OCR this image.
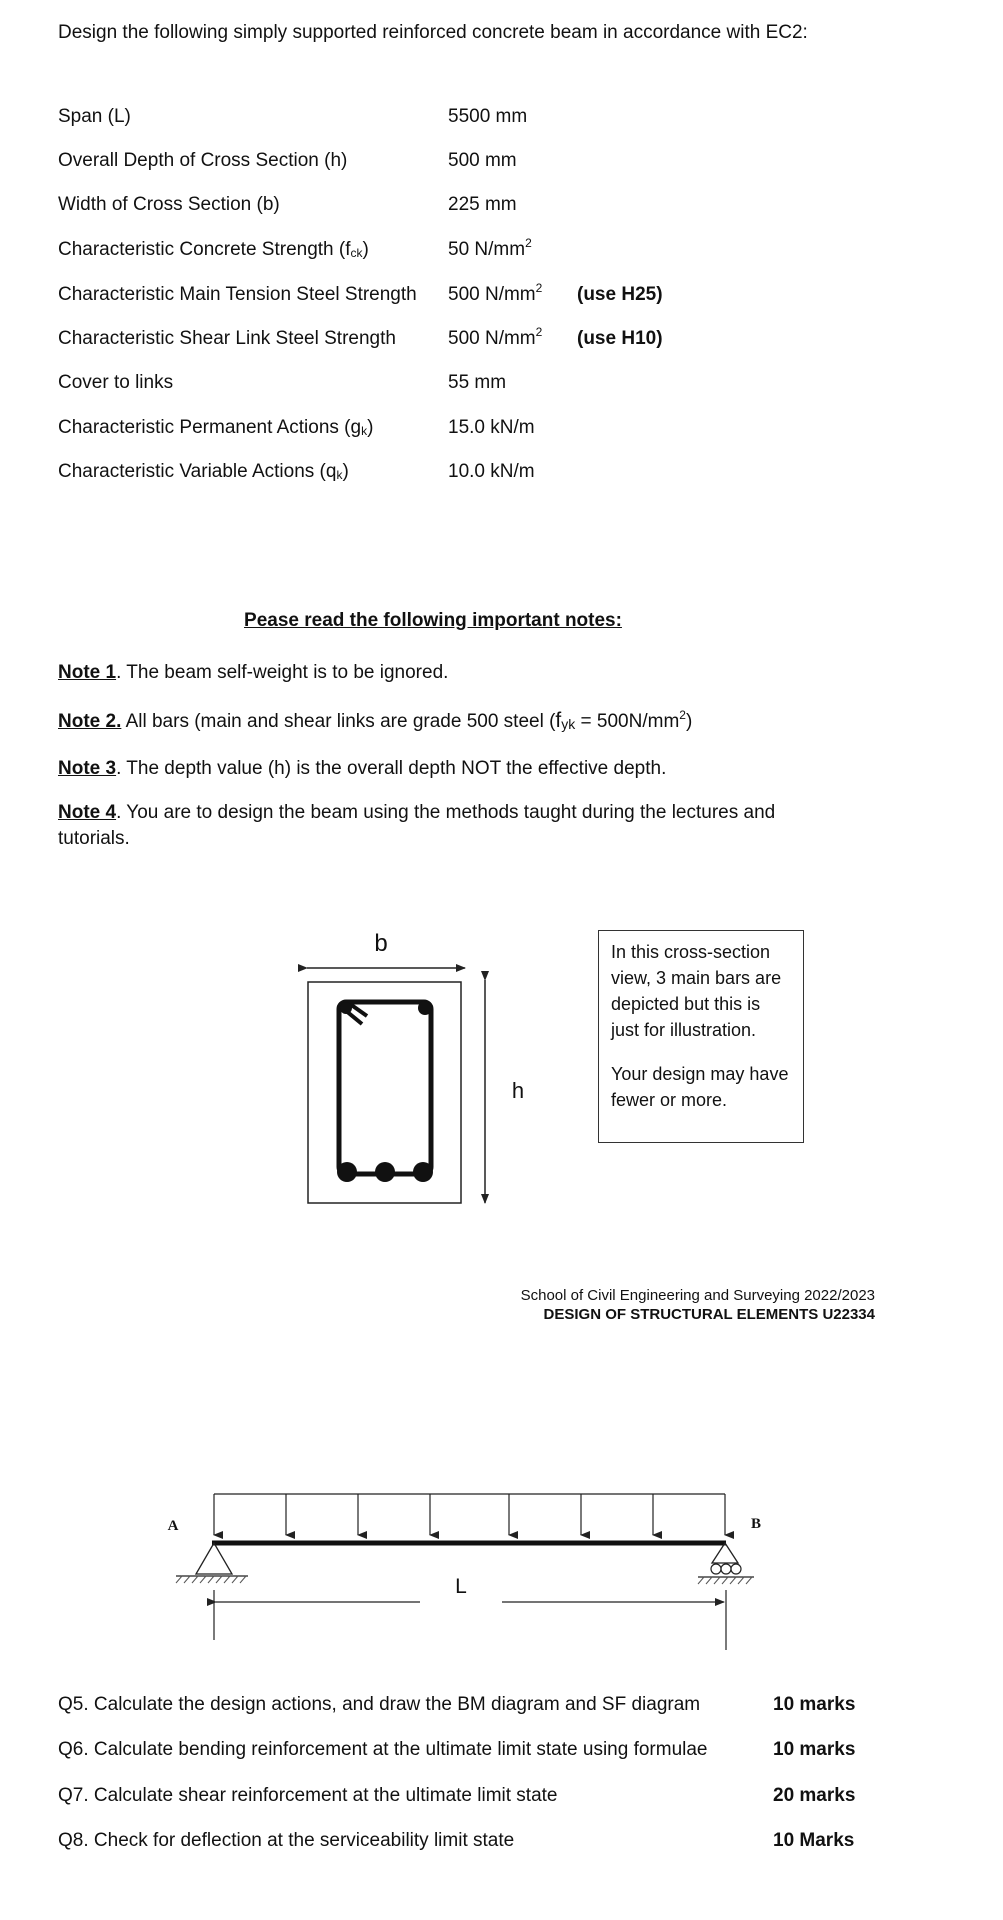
Design the following simply supported reinforced concrete beam in accordance with EC2:
Span (L)	5500 mm
Overall Depth of Cross Section (h)	500 mm
Width of Cross Section (b)	225 mm
Characteristic Concrete Strength $(f_{ck})$	50 $N/mm^2$
Characteristic Main Tension Steel Strength 500 $N/mm^2$ (use H25)
Characteristic Shear Link Steel Strength	500 $N/mm^2$ (use H10)
Cover to links	55 mm
Characteristic Permanent Actions $(g_k)$	15.0 kN/m
Characteristic Variable Actions $(q_k)$	10.0 kN/m
Pease read the following important notes:
Note 1. The beam self-weight is to be ignored.
Note 2. All bars (main and shear links are grade 500 steel $(f_{yk} = 500N/mm^2)$
Note 3. The depth value (h) is the overall depth NOT the effective depth.
Note 4. You are to design the beam using the methods taught during the lectures and tutorials.
b
h

In this cross-section view, 3 main bars are depicted but this is just for illustration.

Your design may have fewer or more.

School of Civil Engineering and Surveying 2022/2023
DESIGN OF STRUCTURAL ELEMENTS U22334
L
A	B
Q5. Calculate the design actions, and draw the BM diagram and SF diagram	10 marks
Q6. Calculate bending reinforcement at the ultimate limit state using formulae	10 marks
Q7. Calculate shear reinforcement at the ultimate limit state	20 marks
Q8. Check for deflection at the serviceability limit state	10 Marks
